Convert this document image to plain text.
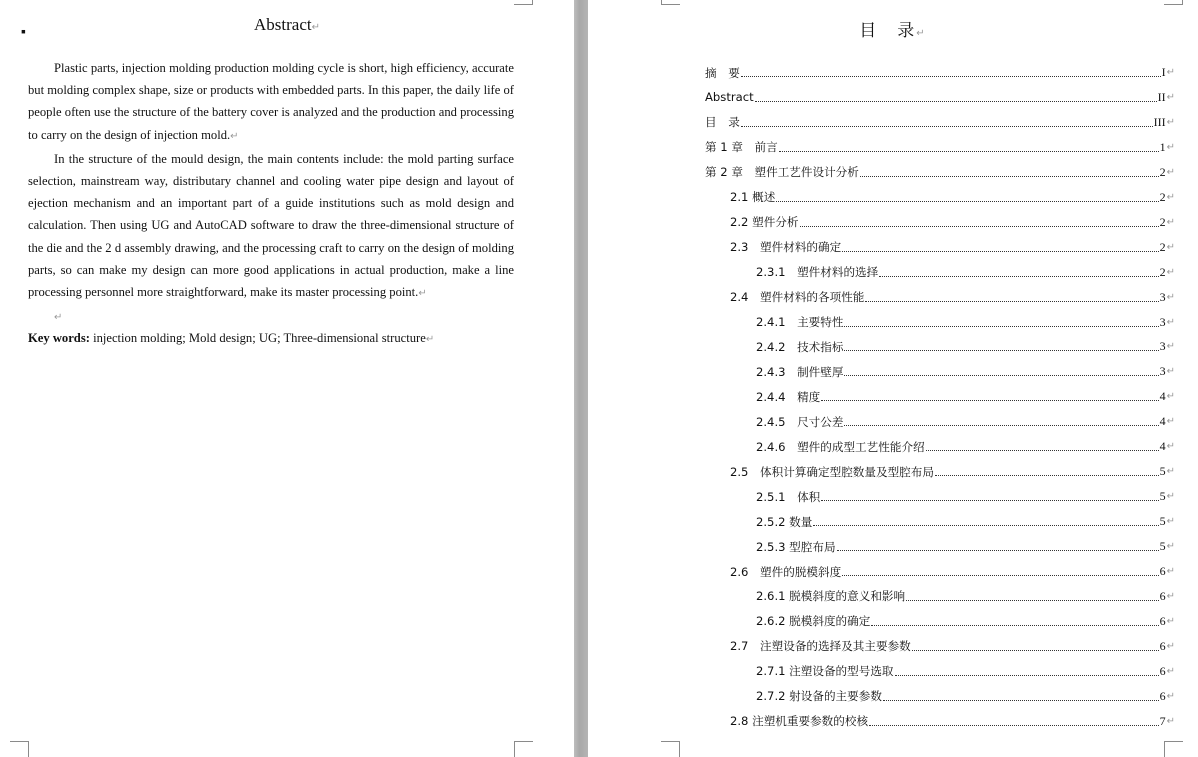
▪	Abstract↵

Plastic parts, injection molding production molding cycle is short, high efficiency, accurate but molding complex shape, size or products with embedded parts. In this paper, the daily life of people often use the structure of the battery cover is analyzed and the production and processing to carry on the design of injection mold.↵

In the structure of the mould design, the main contents include: the mold parting surface selection, mainstream way, distributary channel and cooling water pipe design and layout of ejection mechanism and an important part of a guide institutions such as mold design and calculation. Then using UG and AutoCAD software to draw the three-dimensional structure of the die and the 2 d assembly drawing, and the processing craft to carry on the design of molding parts, so can make my design can more good applications in actual production, make a line processing personnel more straightforward, make its master processing point.↵

↵

Key words: injection molding; Mold design; UG; Three-dimensional structure↵

目　录↵
摘　要	I ↵
Abstract	II ↵
目　录	III ↵
第 1 章　前言	1 ↵
第 2 章　塑件工艺件设计分析	2 ↵
2.1 概述	2 ↵
2.2 塑件分析	2 ↵
2.3　塑件材料的确定	2 ↵
2.3.1　塑件材料的选择	2 ↵
2.4　塑件材料的各项性能	3 ↵
2.4.1　主要特性	3 ↵
2.4.2　技术指标	3 ↵
2.4.3　制件壁厚	3 ↵
2.4.4　精度	4 ↵
2.4.5　尺寸公差	4 ↵
2.4.6　塑件的成型工艺性能介绍	4 ↵
2.5　体积计算确定型腔数量及型腔布局	5 ↵
2.5.1　体积	5 ↵
2.5.2 数量	5 ↵
2.5.3 型腔布局	5 ↵
2.6　塑件的脱模斜度	6 ↵
2.6.1 脱模斜度的意义和影响	6 ↵
2.6.2 脱模斜度的确定	6 ↵
2.7　注塑设备的选择及其主要参数	6 ↵
2.7.1 注塑设备的型号选取	6 ↵
2.7.2 射设备的主要参数	6 ↵
2.8 注塑机重要参数的校核	7 ↵
